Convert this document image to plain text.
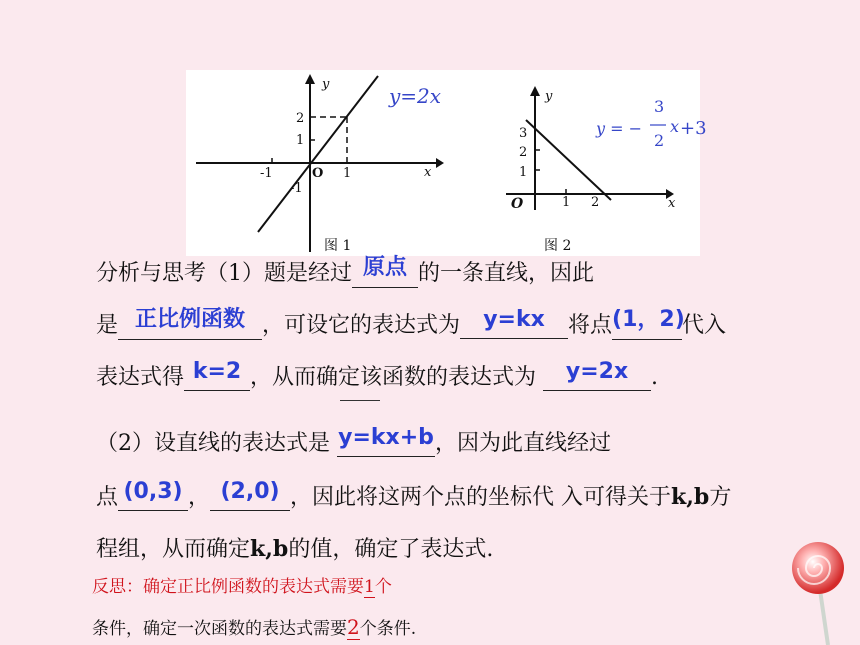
y
x
O
-1	1
2
1
-1
y=2x
图 1
y
x
O	1 2
3
2
1
y = −
3
2
x +3
图 2
分析与思考（1）题是经过 原点 的一条直线，因此
是 正比例函数 ，可设它的表达式为 y=kx 将点(1，2)代入
表达式得 k=2 ，从而确定该函数的表达式为 y=2x .
（2）设直线的表达式是 y=kx+b，因为此直线经过
点 (0,3) ， (2,0) ，因此将这两个点的坐标代 入可得关于k,b方
程组，从而确定k,b的值，确定了表达式.
反思：确定正比例函数的表达式需要1个
条件，确定一次函数的表达式需要2个条件.
